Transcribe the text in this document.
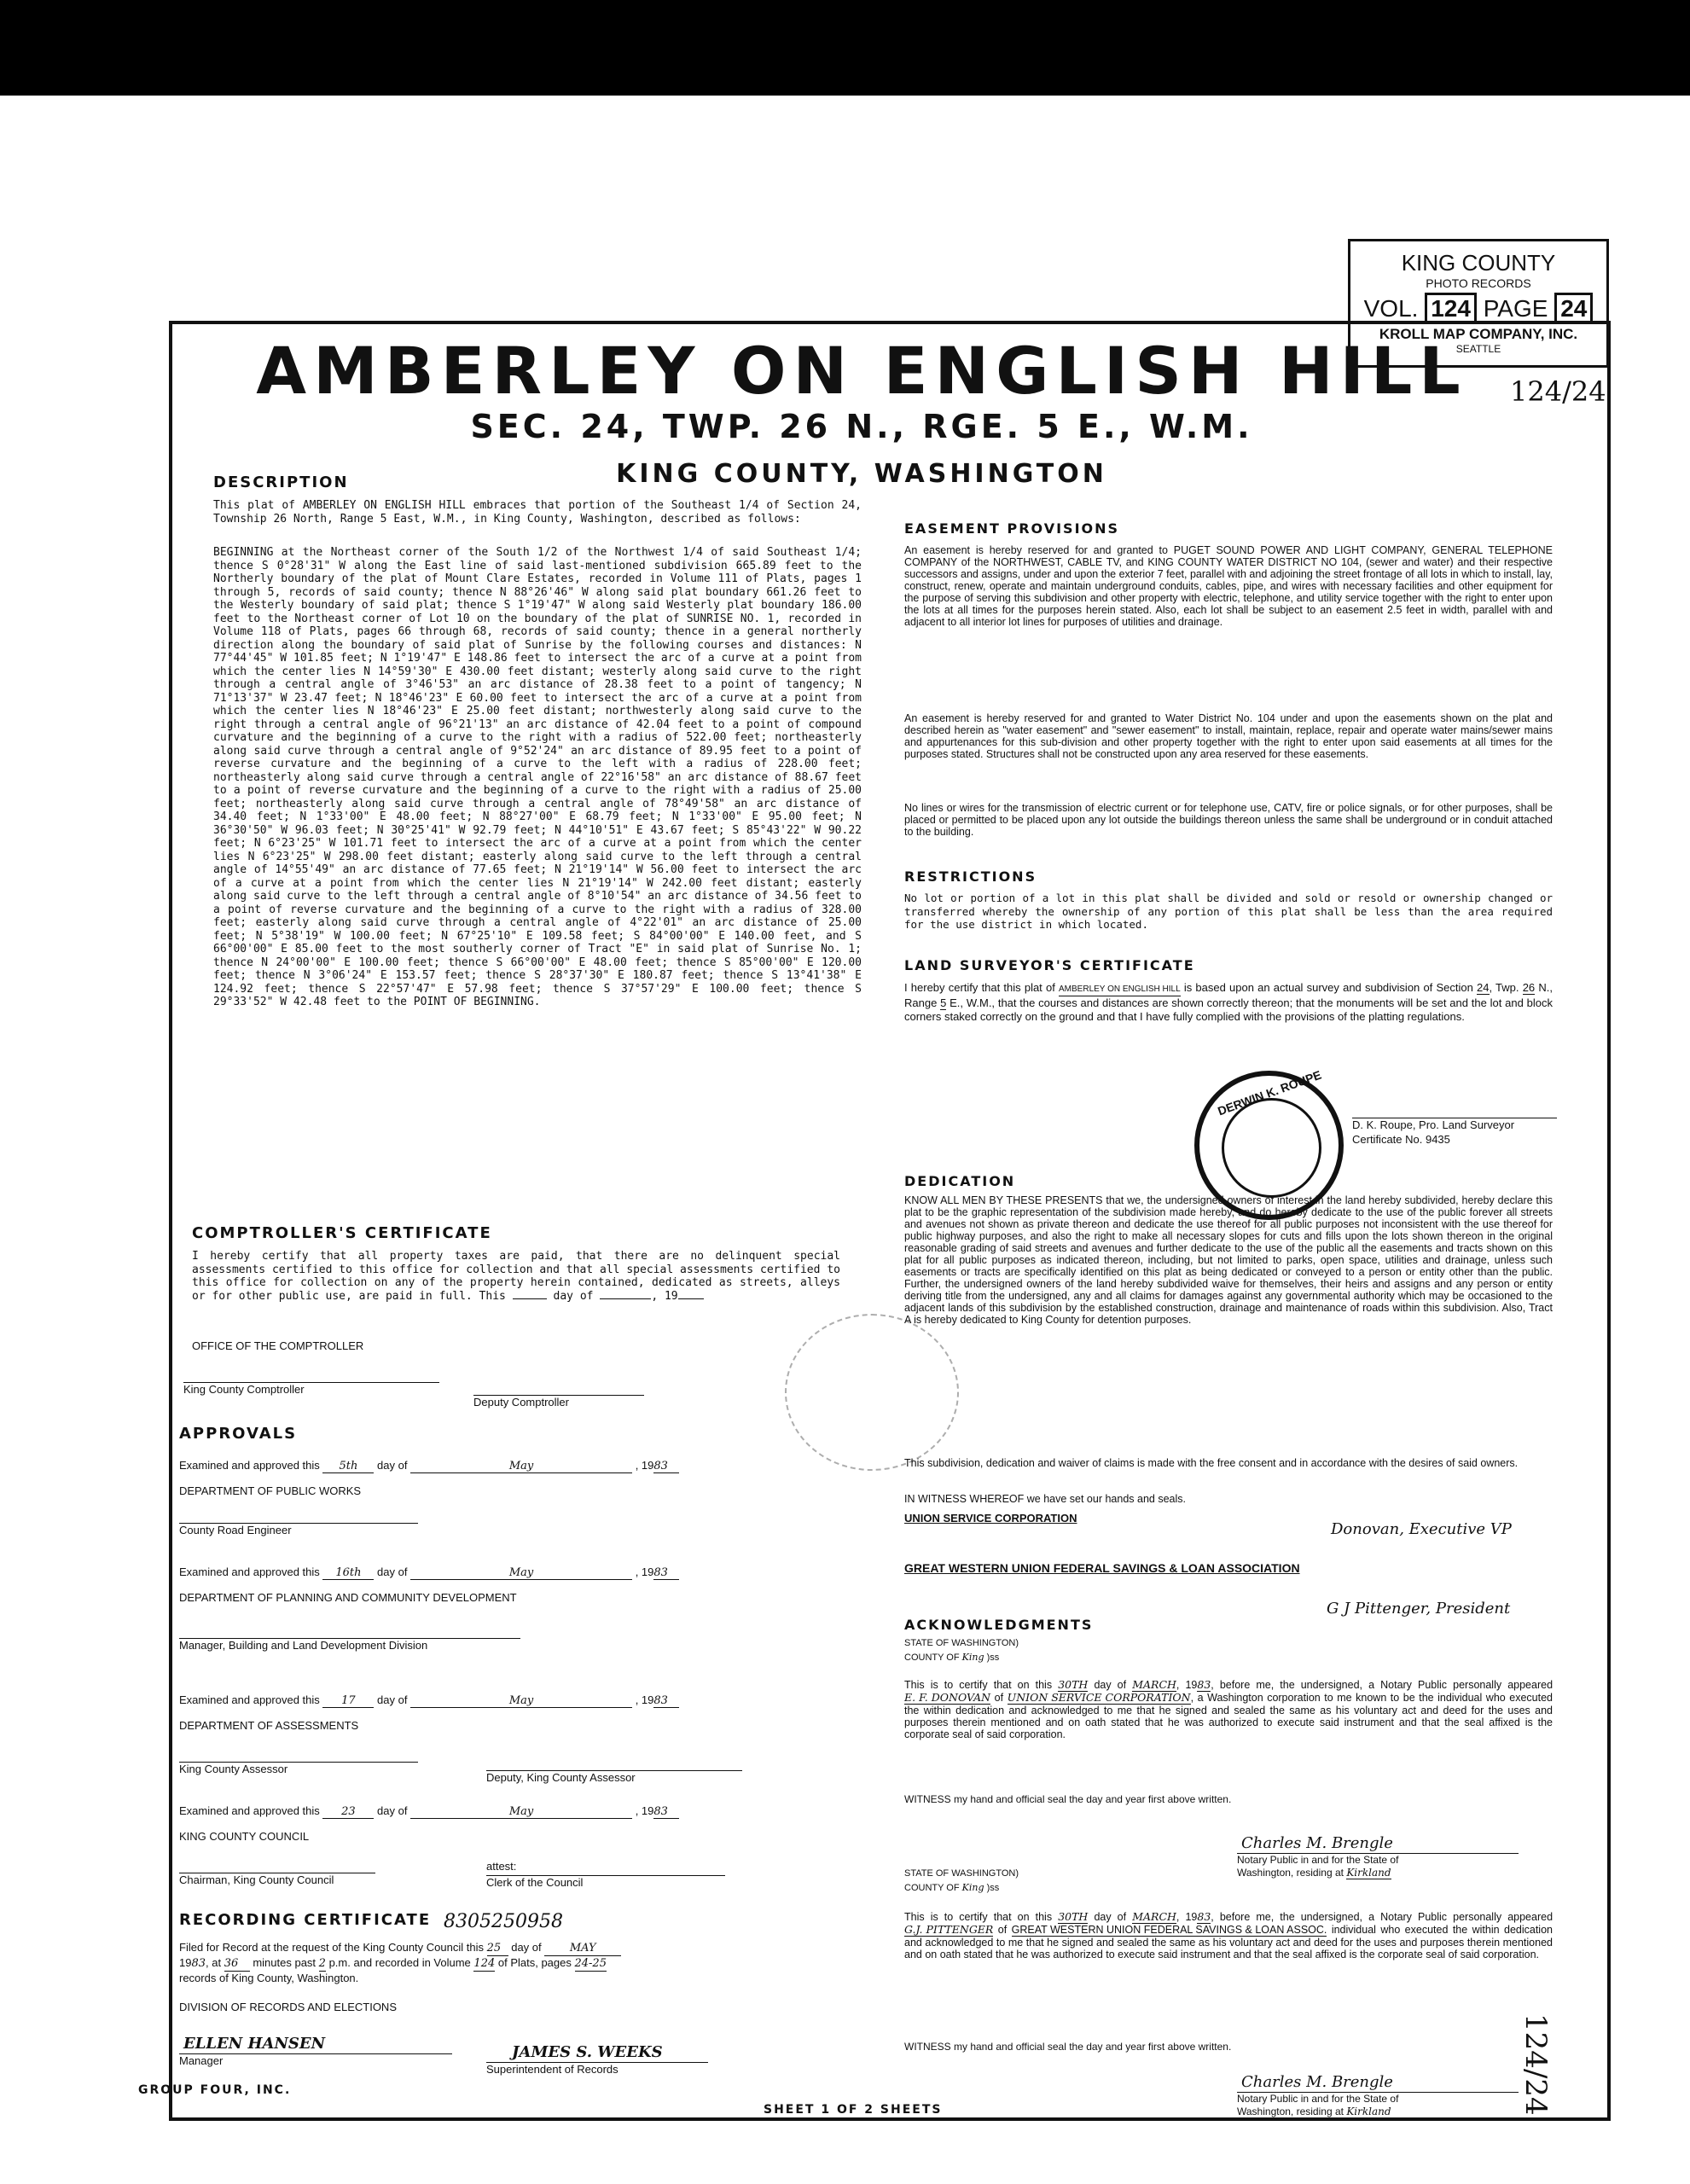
KING COUNTY
PHOTO RECORDS
VOL. 124 PAGE 24
KROLL MAP COMPANY, INC.
SEATTLE
AMBERLEY ON ENGLISH HILL 124/24
SEC. 24, TWP. 26 N., RGE. 5 E., W.M.
KING COUNTY, WASHINGTON
DESCRIPTION
This plat of AMBERLEY ON ENGLISH HILL embraces that portion of the Southeast 1/4 of Section 24, Township 26 North, Range 5 East, W.M., in King County, Washington, described as follows:
BEGINNING at the Northeast corner of the South 1/2 of the Northwest 1/4 of said Southeast 1/4; thence S 0°28'31" W along the East line of said last-mentioned subdivision 665.89 feet to the Northerly boundary of the plat of Mount Clare Estates, recorded in Volume 111 of Plats, pages 1 through 5, records of said county; thence N 88°26'46" W along said plat boundary 661.26 feet to the Westerly boundary of said plat; thence S 1°19'47" W along said Westerly plat boundary 186.00 feet to the Northeast corner of Lot 10 on the boundary of the plat of SUNRISE NO. 1, recorded in Volume 118 of Plats, pages 66 through 68, records of said county; thence in a general northerly direction along the boundary of said plat of Sunrise by the following courses and distances: N 77°44'45" W 101.85 feet; N 1°19'47" E 148.86 feet to intersect the arc of a curve at a point from which the center lies N 14°59'30" E 430.00 feet distant; westerly along said curve to the right through a central angle of 3°46'53" an arc distance of 28.38 feet to a point of tangency; N 71°13'37" W 23.47 feet; N 18°46'23" E 60.00 feet to intersect the arc of a curve at a point from which the center lies N 18°46'23" E 25.00 feet distant; northwesterly along said curve to the right through a central angle of 96°21'13" an arc distance of 42.04 feet to a point of compound curvature and the beginning of a curve to the right with a radius of 522.00 feet; northeasterly along said curve through a central angle of 9°52'24" an arc distance of 89.95 feet to a point of reverse curvature and the beginning of a curve to the left with a radius of 228.00 feet; northeasterly along said curve through a central angle of 22°16'58" an arc distance of 88.67 feet to a point of reverse curvature and the beginning of a curve to the right with a radius of 25.00 feet; northeasterly along said curve through a central angle of 78°49'58" an arc distance of 34.40 feet; N 1°33'00" E 48.00 feet; N 88°27'00" E 68.79 feet; N 1°33'00" E 95.00 feet; N 36°30'50" W 96.03 feet; N 30°25'41" W 92.79 feet; N 44°10'51" E 43.67 feet; S 85°43'22" W 90.22 feet; N 6°23'25" W 101.71 feet to intersect the arc of a curve at a point from which the center lies N 6°23'25" W 298.00 feet distant; easterly along said curve to the left through a central angle of 14°55'49" an arc distance of 77.65 feet; N 21°19'14" W 56.00 feet to intersect the arc of a curve at a point from which the center lies N 21°19'14" W 242.00 feet distant; easterly along said curve to the left through a central angle of 8°10'54" an arc distance of 34.56 feet to a point of reverse curvature and the beginning of a curve to the right with a radius of 328.00 feet; easterly along said curve through a central angle of 4°22'01" an arc distance of 25.00 feet; N 5°38'19" W 100.00 feet; N 67°25'10" E 109.58 feet; S 84°00'00" E 140.00 feet, and S 66°00'00" E 85.00 feet to the most southerly corner of Tract "E" in said plat of Sunrise No. 1; thence N 24°00'00" E 100.00 feet; thence S 66°00'00" E 48.00 feet; thence S 85°00'00" E 120.00 feet; thence N 3°06'24" E 153.57 feet; thence S 28°37'30" E 180.87 feet; thence S 13°41'38" E 124.92 feet; thence S 22°57'47" E 57.98 feet; thence S 37°57'29" E 100.00 feet; thence S 29°33'52" W 42.48 feet to the POINT OF BEGINNING.
COMPTROLLER'S CERTIFICATE
I hereby certify that all property taxes are paid, that there are no delinquent special assessments certified to this office for collection and that all special assessments certified to this office for collection on any of the property herein contained, dedicated as streets, alleys or for other public use, are paid in full. This	day of	, 19
OFFICE OF THE COMPTROLLER
King County Comptroller
Deputy Comptroller
APPROVALS
Examined and approved this 5th day of	May	, 1983
DEPARTMENT OF PUBLIC WORKS
County Road Engineer
Examined and approved this 16th day of	May	, 1983
DEPARTMENT OF PLANNING AND COMMUNITY DEVELOPMENT
Manager, Building and Land Development Division
Examined and approved this 17 day of	May	, 1983
DEPARTMENT OF ASSESSMENTS
King County Assessor
Deputy, King County Assessor
Examined and approved this 23 day of	May	, 1983
KING COUNTY COUNCIL
Chairman, King County Council
attest:
Clerk of the Council
RECORDING CERTIFICATE 8305250958
Filed for Record at the request of the King County Council this 25 day of	MAY
1983, at 36 minutes past 2 p.m. and recorded in Volume 124 of Plats, pages 24-25
records of King County, Washington.
DIVISION OF RECORDS AND ELECTIONS
ELLEN HANSEN
Manager	JAMES S. WEEKS
Superintendent of Records
GROUP FOUR, INC.
SHEET 1 OF 2 SHEETS
EASEMENT PROVISIONS
An easement is hereby reserved for and granted to PUGET SOUND POWER AND LIGHT COMPANY, GENERAL TELEPHONE COMPANY of the NORTHWEST, CABLE TV, and KING COUNTY WATER DISTRICT NO 104, (sewer and water) and their respective successors and assigns, under and upon the exterior 7 feet, parallel with and adjoining the street frontage of all lots in which to install, lay, construct, renew, operate and maintain underground conduits, cables, pipe, and wires with necessary facilities and other equipment for the purpose of serving this subdivision and other property with electric, telephone, and utility service together with the right to enter upon the lots at all times for the purposes herein stated. Also, each lot shall be subject to an easement 2.5 feet in width, parallel with and adjacent to all interior lot lines for purposes of utilities and drainage.
An easement is hereby reserved for and granted to Water District No. 104 under and upon the easements shown on the plat and described herein as "water easement" and "sewer easement" to install, maintain, replace, repair and operate water mains/sewer mains and appurtenances for this sub-division and other property together with the right to enter upon said easements at all times for the purposes stated. Structures shall not be constructed upon any area reserved for these easements.
No lines or wires for the transmission of electric current or for telephone use, CATV, fire or police signals, or for other purposes, shall be placed or permitted to be placed upon any lot outside the buildings thereon unless the same shall be underground or in conduit attached to the building.
RESTRICTIONS
No lot or portion of a lot in this plat shall be divided and sold or resold or ownership changed or transferred whereby the ownership of any portion of this plat shall be less than the area required for the use district in which located.
LAND SURVEYOR'S CERTIFICATE
I hereby certify that this plat of AMBERLEY ON ENGLISH HILL is based upon an actual survey and subdivision of Section 24, Twp. 26 N., Range 5 E., W.M., that the courses and distances are shown correctly thereon; that the monuments will be set and the lot and block corners staked correctly on the ground and that I have fully complied with the provisions of the platting regulations.
DERWIN K. ROUPE
D. K. Roupe, Pro. Land Surveyor
Certificate No. 9435
DEDICATION
KNOW ALL MEN BY THESE PRESENTS that we, the undersigned owners of interest in the land hereby subdivided, hereby declare this plat to be the graphic representation of the subdivision made hereby, and do hereby dedicate to the use of the public forever all streets and avenues not shown as private thereon and dedicate the use thereof for all public purposes not inconsistent with the use thereof for public highway purposes, and also the right to make all necessary slopes for cuts and fills upon the lots shown thereon in the original reasonable grading of said streets and avenues and further dedicate to the use of the public all the easements and tracts shown on this plat for all public purposes as indicated thereon, including, but not limited to parks, open space, utilities and drainage, unless such easements or tracts are specifically identified on this plat as being dedicated or conveyed to a person or entity other than the public. Further, the undersigned owners of the land hereby subdivided waive for themselves, their heirs and assigns and any person or entity deriving title from the undersigned, any and all claims for damages against any governmental authority which may be occasioned to the adjacent lands of this subdivision by the established construction, drainage and maintenance of roads within this subdivision. Also, Tract A is hereby dedicated to King County for detention purposes.
This subdivision, dedication and waiver of claims is made with the free consent and in accordance with the desires of said owners.
IN WITNESS WHEREOF we have set our hands and seals.
UNION SERVICE CORPORATION
Donovan, Executive VP
GREAT WESTERN UNION FEDERAL SAVINGS & LOAN ASSOCIATION
G J Pittenger, President
ACKNOWLEDGMENTS
STATE OF WASHINGTON)
COUNTY OF King )ss
This is to certify that on this 30TH day of MARCH, 1983, before me, the undersigned, a Notary Public personally appeared E. F. DONOVAN of UNION SERVICE CORPORATION, a Washington corporation to me known to be the individual who executed the within dedication and acknowledged to me that he signed and sealed the same as his voluntary act and deed for the uses and purposes therein mentioned and on oath stated that he was authorized to execute said instrument and that the seal affixed is the corporate seal of said corporation.
WITNESS my hand and official seal the day and year first above written.
Charles M. Brengle
Notary Public in and for the State of
Washington, residing at Kirkland
STATE OF WASHINGTON)
COUNTY OF King )ss
This is to certify that on this 30TH day of MARCH, 1983, before me, the undersigned, a Notary Public personally appeared G.J. PITTENGER of GREAT WESTERN UNION FEDERAL SAVINGS & LOAN ASSOC. individual who executed the within dedication and acknowledged to me that he signed and sealed the same as his voluntary act and deed for the uses and purposes therein mentioned and on oath stated that he was authorized to execute said instrument and that the seal affixed is the corporate seal of said corporation.
WITNESS my hand and official seal the day and year first above written.
Charles M. Brengle
Notary Public in and for the State of
Washington, residing at Kirkland	124/24
